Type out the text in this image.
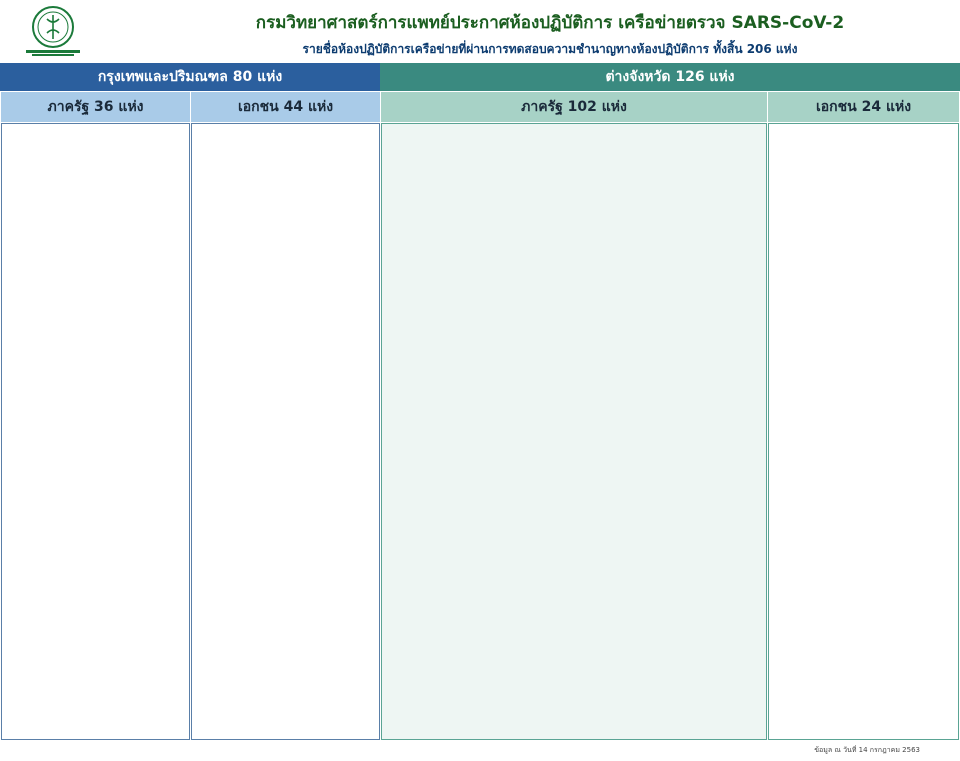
กรมวิทยาศาสตร์การแพทย์ประกาศห้องปฏิบัติการ เครือข่ายตรวจ SARS-CoV-2
รายชื่อห้องปฏิบัติการเครือข่ายที่ผ่านการทดสอบความชำนาญทางห้องปฏิบัติการ ทั้งสิ้น 206 แห่ง
กรุงเทพและปริมณฑล 80 แห่ง	ต่างจังหวัด 126 แห่ง
ภาครัฐ 36 แห่ง	เอกชน 44 แห่ง	ภาครัฐ 102 แห่ง	เอกชน 24 แห่ง
ข้อมูล ณ วันที่ 14 กรกฎาคม 2563
